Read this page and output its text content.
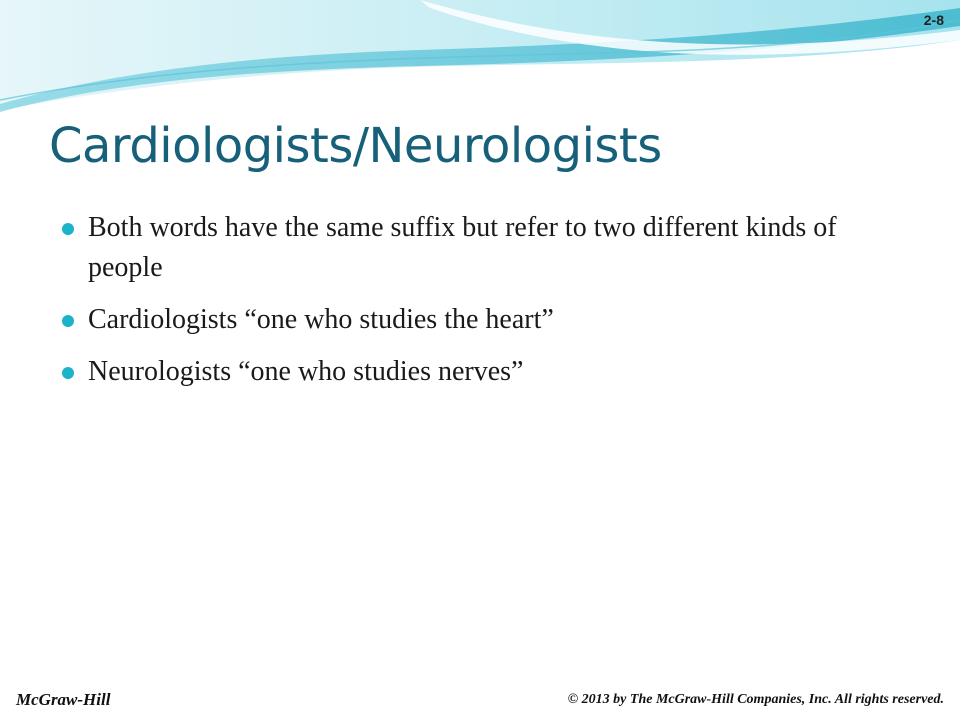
2-8
Cardiologists/Neurologists
Both words have the same suffix but refer to two different kinds of people
Cardiologists “one who studies the heart”
Neurologists “one who studies nerves”
McGraw-Hill	© 2013 by The McGraw-Hill Companies, Inc. All rights reserved.
